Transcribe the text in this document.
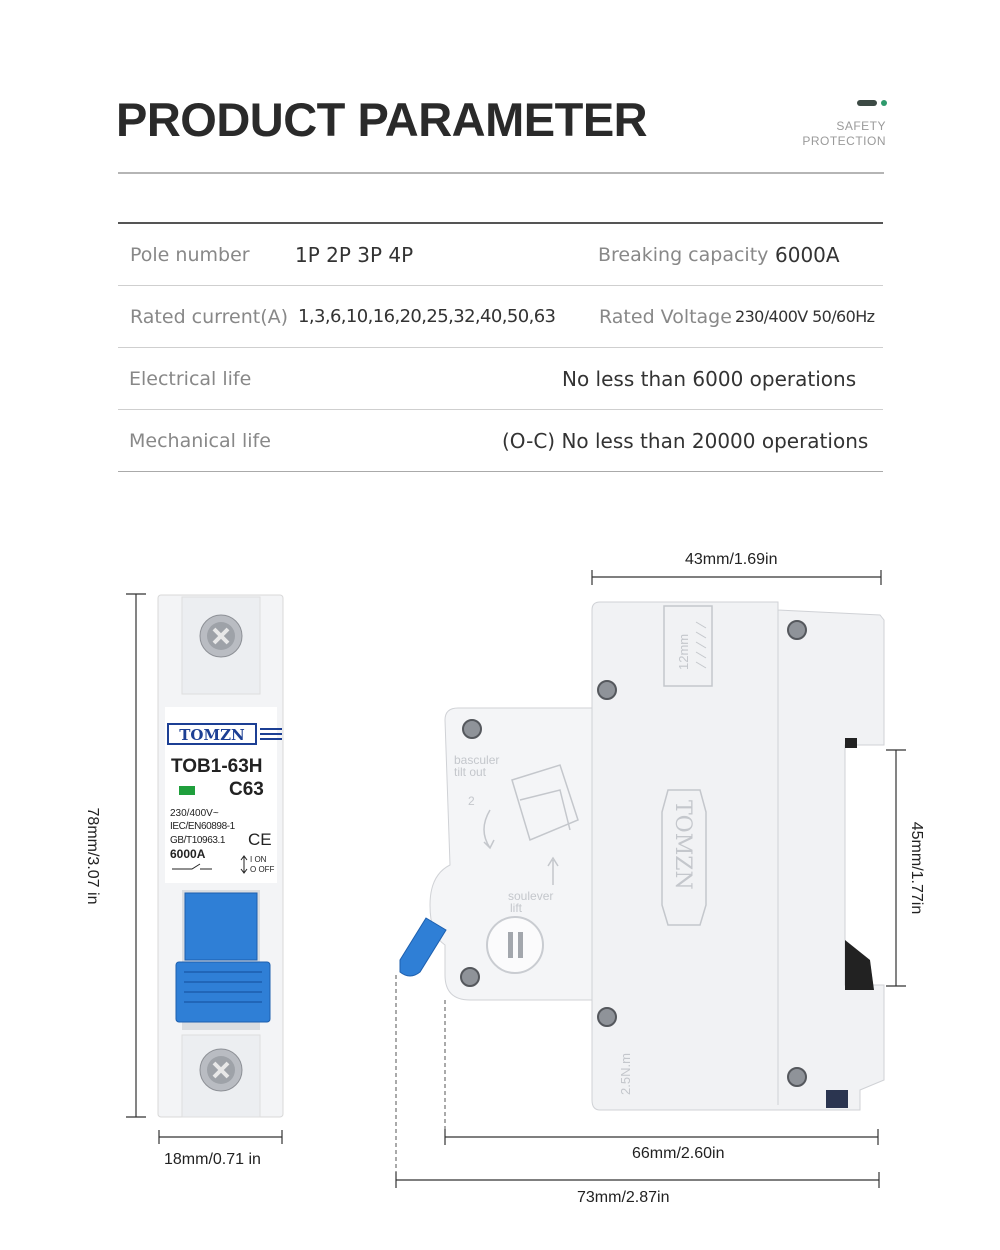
PRODUCT PARAMETER	SAFETY
PROTECTION
Pole number 1P 2P 3P 4P	Breaking capacity 6000A
Rated current(A) 1,3,6,10,16,20,25,32,40,50,63 Rated Voltage 230/400V 50/60Hz
Electrical life	No less than 6000 operations
Mechanical life	(O-C) No less than 20000 operations
TOMZN
TOB1-63H
C63
230/400V~
IEC/EN60898-1
GB/T10963.1 CE
6000A	I ON
O OFF
78mm/3.07 in
18mm/0.71 in
basculer
tilt out
2
soulever
lift
12mm
2.5N.m
TOMZN
43mm/1.69in
45mm/1.77in
66mm/2.60in
73mm/2.87in
